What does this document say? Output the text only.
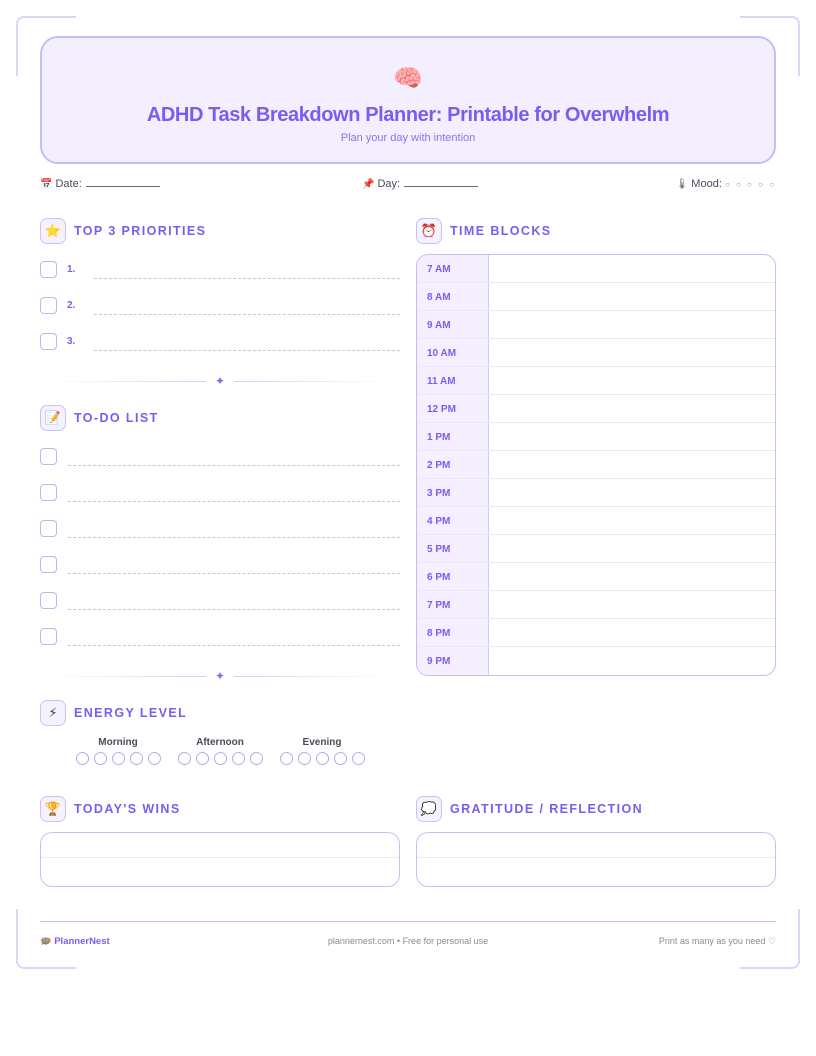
🧠
ADHD Task Breakdown Planner: Printable for Overwhelm
Plan your day with intention
📅 Date:	📌 Day:	🌡 Mood: ○ ○ ○ ○ ○
⭐	TOP 3 PRIORITIES
1.
2.
3.
✦
📝	TO-DO LIST
✦
⏰	TIME BLOCKS
7 AM
8 AM
9 AM
10 AM
11 AM
12 PM
1 PM
2 PM
3 PM
4 PM
5 PM
6 PM
7 PM
8 PM
9 PM
⚡	ENERGY LEVEL
Morning	Afternoon	Evening
🏆	TODAY'S WINS	💭	GRATITUDE / REFLECTION
🪺 PlannerNest	plannernest.com • Free for personal use	Print as many as you need ♡
